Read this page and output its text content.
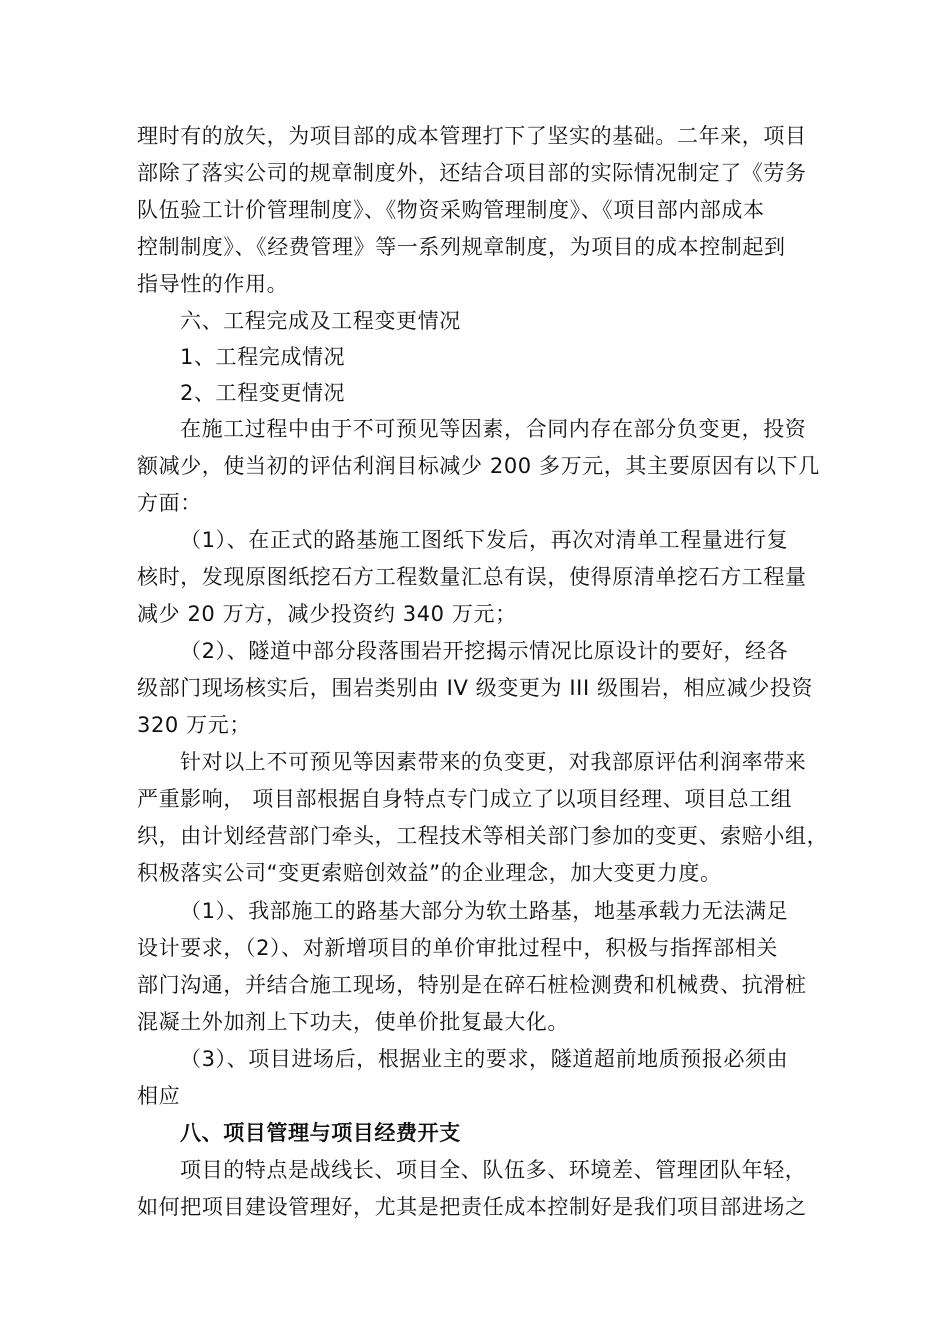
理时有的放矢，为项目部的成本管理打下了坚实的基础。二年来，项目
部除了落实公司的规章制度外，还结合项目部的实际情况制定了《劳务
队伍验工计价管理制度》、《物资采购管理制度》、《项目部内部成本
控制制度》、《经费管理》等一系列规章制度，为项目的成本控制起到
指导性的作用。
六、工程完成及工程变更情况
1、工程完成情况
2、工程变更情况
在施工过程中由于不可预见等因素，合同内存在部分负变更，投资
额减少，使当初的评估利润目标减少 200 多万元，其主要原因有以下几
方面：
（1）、在正式的路基施工图纸下发后，再次对清单工程量进行复
核时，发现原图纸挖石方工程数量汇总有误，使得原清单挖石方工程量
减少 20 万方，减少投资约 340 万元；
（2）、隧道中部分段落围岩开挖揭示情况比原设计的要好，经各
级部门现场核实后，围岩类别由 IV 级变更为 III 级围岩，相应减少投资
320 万元；
针对以上不可预见等因素带来的负变更，对我部原评估利润率带来
严重影响， 项目部根据自身特点专门成立了以项目经理、项目总工组
织，由计划经营部门牵头，工程技术等相关部门参加的变更、索赔小组，
积极落实公司“变更索赔创效益”的企业理念，加大变更力度。
（1）、我部施工的路基大部分为软土路基，地基承载力无法满足
设计要求，（2）、对新增项目的单价审批过程中，积极与指挥部相关
部门沟通，并结合施工现场，特别是在碎石桩检测费和机械费、抗滑桩
混凝土外加剂上下功夫，使单价批复最大化。
（3）、项目进场后，根据业主的要求，隧道超前地质预报必须由
相应
八、项目管理与项目经费开支
项目的特点是战线长、项目全、队伍多、环境差、管理团队年轻，
如何把项目建设管理好，尤其是把责任成本控制好是我们项目部进场之
